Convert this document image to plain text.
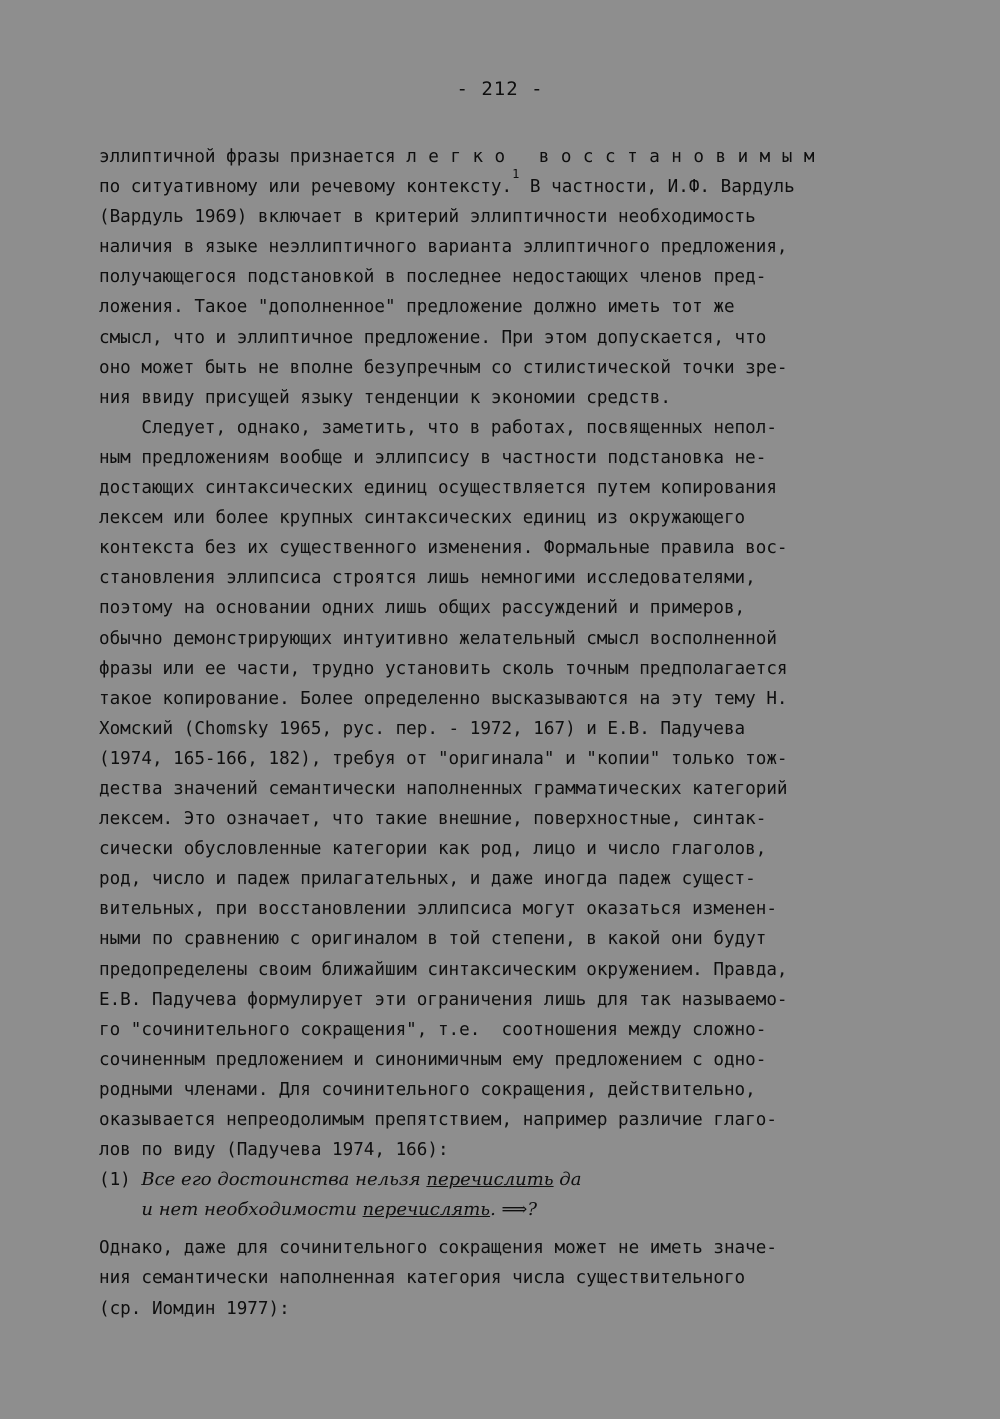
- 212 -
эллиптичной фразы признается легко восстановимым
по ситуативному или речевому контексту.$^1$ В частности, И.Ф. Вардуль
(Вардуль 1969) включает в критерий эллиптичности необходимость
наличия в языке неэллиптичного варианта эллиптичного предложения,
получающегося подстановкой в последнее недостающих членов пред-
ложения. Такое "дополненное" предложение должно иметь тот же
смысл, что и эллиптичное предложение. При этом допускается, что
оно может быть не вполне безупречным со стилистической точки зре-
ния ввиду присущей языку тенденции к экономии средств.
Следует, однако, заметить, что в работах, посвященных непол-
ным предложениям вообще и эллипсису в частности подстановка не-
достающих синтаксических единиц осуществляется путем копирования
лексем или более крупных синтаксических единиц из окружающего
контекста без их существенного изменения. Формальные правила вос-
становления эллипсиса строятся лишь немногими исследователями,
поэтому на основании одних лишь общих рассуждений и примеров,
обычно демонстрирующих интуитивно желательный смысл восполненной
фразы или ее части, трудно установить сколь точным предполагается
такое копирование. Более определенно высказываются на эту тему Н.
Хомский (Chomsky 1965, рус. пер. - 1972, 167) и Е.В. Падучева
(1974, 165-166, 182), требуя от "оригинала" и "копии" только тож-
дества значений семантически наполненных грамматических категорий
лексем. Это означает, что такие внешние, поверхностные, синтак-
сически обусловленные категории как род, лицо и число глаголов,
род, число и падеж прилагательных, и даже иногда падеж сущест-
вительных, при восстановлении эллипсиса могут оказаться изменен-
ными по сравнению с оригиналом в той степени, в какой они будут
предопределены своим ближайшим синтаксическим окружением. Правда,
Е.В. Падучева формулирует эти ограничения лишь для так называемо-
го "сочинительного сокращения", т.е.  соотношения между сложно-
сочиненным предложением и синонимичным ему предложением с одно-
родными членами. Для сочинительного сокращения, действительно,
оказывается непреодолимым препятствием, например различие глаго-
лов по виду (Падучева 1974, 166):
(1) Все его достоинства нельзя перечислить да
и нет необходимости перечислять. ⟹?
Однако, даже для сочинительного сокращения может не иметь значе-
ния семантически наполненная категория числа существительного
(ср. Иомдин 1977):
